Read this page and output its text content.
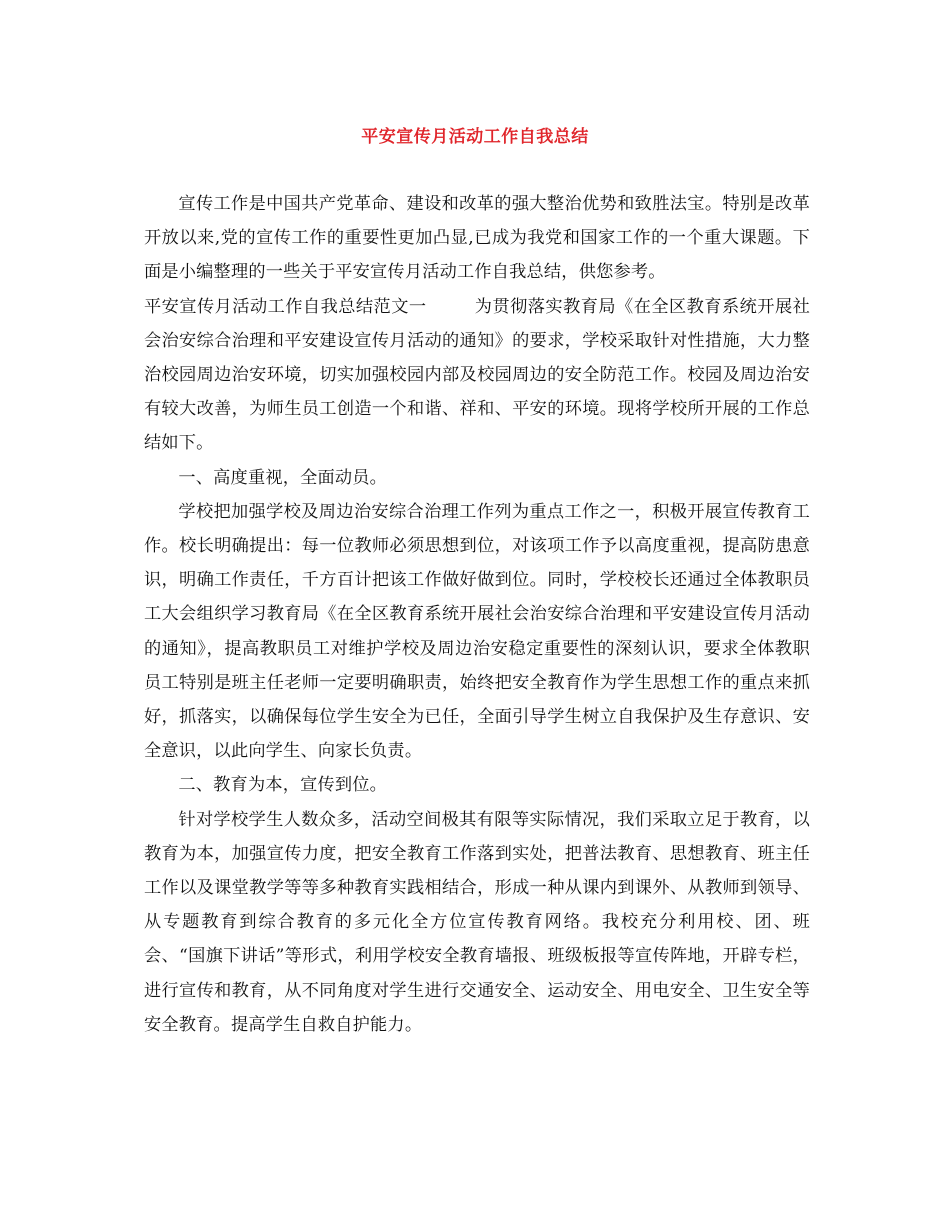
平安宣传月活动工作自我总结

宣传工作是中国共产党革命、建设和改革的强大整治优势和致胜法宝。特别是改革开放以来,党的宣传工作的重要性更加凸显,已成为我党和国家工作的一个重大课题。下面是小编整理的一些关于平安宣传月活动工作自我总结，供您参考。

平安宣传月活动工作自我总结范文一	为贯彻落实教育局《在全区教育系统开展社会治安综合治理和平安建设宣传月活动的通知》的要求，学校采取针对性措施，大力整治校园周边治安环境，切实加强校园内部及校园周边的安全防范工作。校园及周边治安有较大改善，为师生员工创造一个和谐、祥和、平安的环境。现将学校所开展的工作总结如下。

一、高度重视，全面动员。

学校把加强学校及周边治安综合治理工作列为重点工作之一，积极开展宣传教育工作。校长明确提出：每一位教师必须思想到位，对该项工作予以高度重视，提高防患意识，明确工作责任，千方百计把该工作做好做到位。同时，学校校长还通过全体教职员工大会组织学习教育局《在全区教育系统开展社会治安综合治理和平安建设宣传月活动的通知》，提高教职员工对维护学校及周边治安稳定重要性的深刻认识，要求全体教职员工特别是班主任老师一定要明确职责，始终把安全教育作为学生思想工作的重点来抓好，抓落实，以确保每位学生安全为已任，全面引导学生树立自我保护及生存意识、安全意识，以此向学生、向家长负责。

二、教育为本，宣传到位。

针对学校学生人数众多，活动空间极其有限等实际情况，我们采取立足于教育，以教育为本，加强宣传力度，把安全教育工作落到实处，把普法教育、思想教育、班主任工作以及课堂教学等等多种教育实践相结合，形成一种从课内到课外、从教师到领导、从专题教育到综合教育的多元化全方位宣传教育网络。我校充分利用校、团、班会、“国旗下讲话”等形式，利用学校安全教育墙报、班级板报等宣传阵地，开辟专栏，进行宣传和教育，从不同角度对学生进行交通安全、运动安全、用电安全、卫生安全等安全教育。提高学生自救自护能力。
